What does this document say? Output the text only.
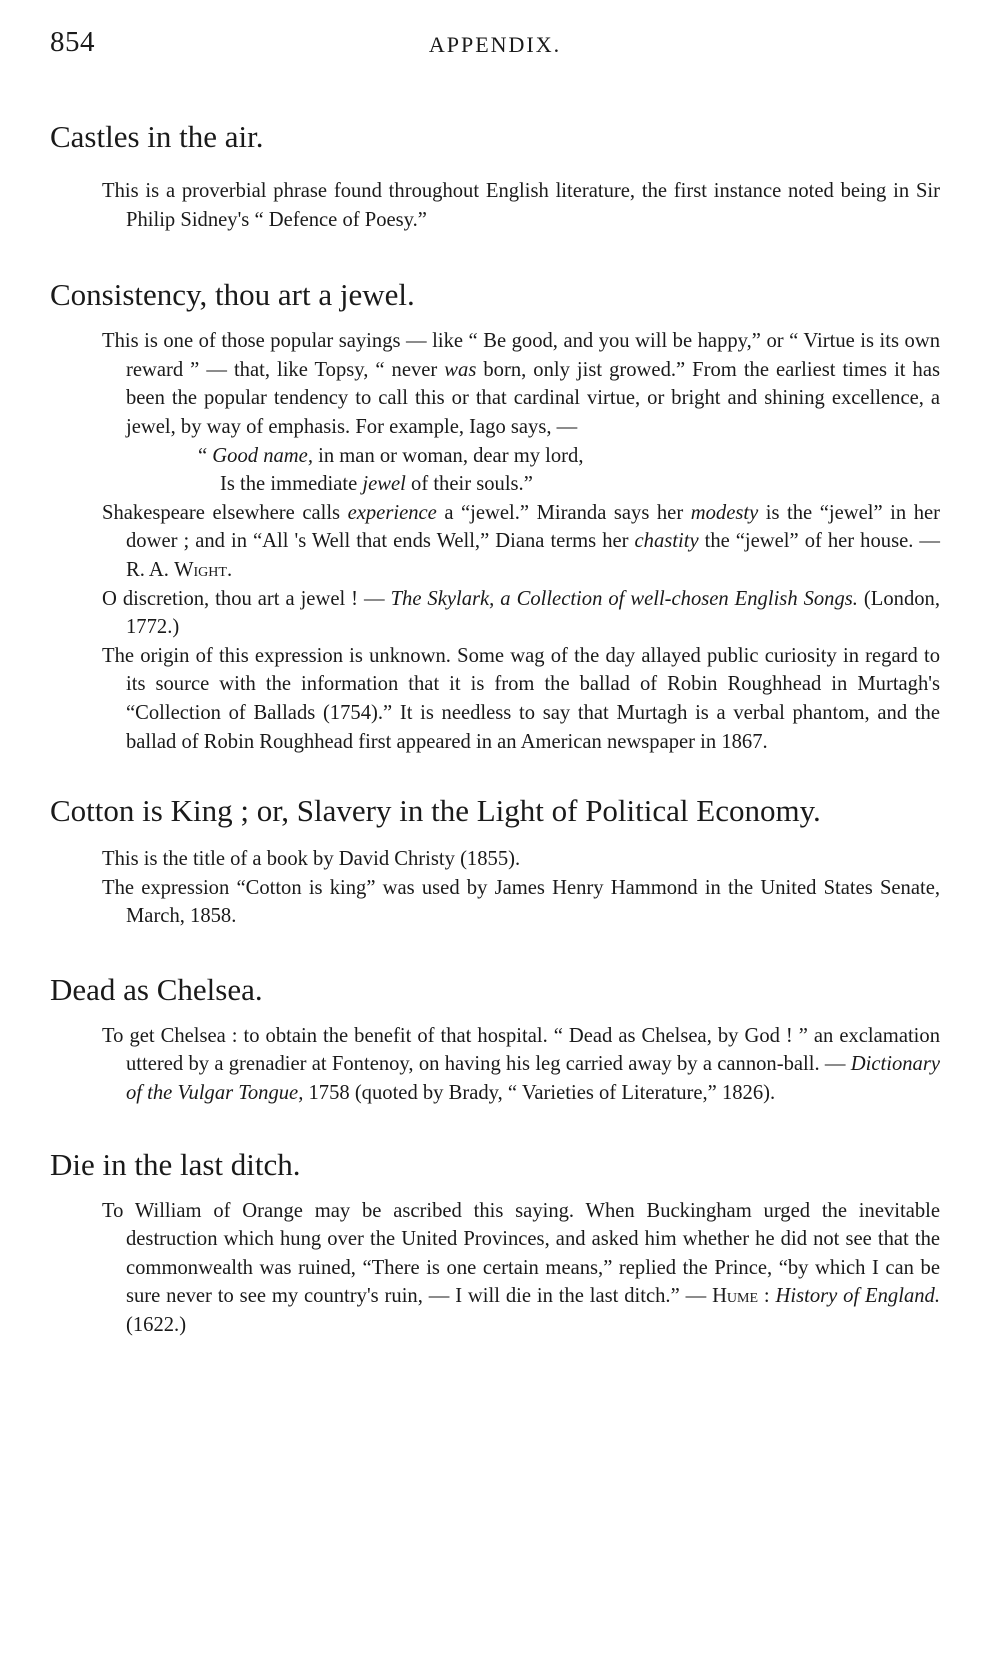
854	APPENDIX.
Castles in the air.

This is a proverbial phrase found throughout English literature, the first instance noted being in Sir Philip Sidney's “ Defence of Poesy.”

Consistency, thou art a jewel.

This is one of those popular sayings — like “ Be good, and you will be happy,” or “ Virtue is its own reward ” — that, like Topsy, “ never was born, only jist growed.” From the earliest times it has been the popular tendency to call this or that cardinal virtue, or bright and shining excellence, a jewel, by way of emphasis. For example, Iago says, —

“ Good name, in man or woman, dear my lord,

Is the immediate jewel of their souls.”

Shakespeare elsewhere calls experience a “jewel.” Miranda says her modesty is the “jewel” in her dower ; and in “All 's Well that ends Well,” Diana terms her chastity the “jewel” of her house. — R. A. Wight.

O discretion, thou art a jewel ! — The Skylark, a Collection of well-chosen English Songs. (London, 1772.)

The origin of this expression is unknown. Some wag of the day allayed public curiosity in regard to its source with the information that it is from the ballad of Robin Roughhead in Murtagh's “Collection of Ballads (1754).” It is needless to say that Murtagh is a verbal phantom, and the ballad of Robin Roughhead first appeared in an American newspaper in 1867.

Cotton is King ; or, Slavery in the Light of Political Economy.

This is the title of a book by David Christy (1855).

The expression “Cotton is king” was used by James Henry Hammond in the United States Senate, March, 1858.

Dead as Chelsea.

To get Chelsea : to obtain the benefit of that hospital. “ Dead as Chelsea, by God ! ” an exclamation uttered by a grenadier at Fontenoy, on having his leg carried away by a cannon-ball. — Dictionary of the Vulgar Tongue, 1758 (quoted by Brady, “ Varieties of Literature,” 1826).

Die in the last ditch.

To William of Orange may be ascribed this saying. When Buckingham urged the inevitable destruction which hung over the United Provinces, and asked him whether he did not see that the commonwealth was ruined, “There is one certain means,” replied the Prince, “by which I can be sure never to see my country's ruin, — I will die in the last ditch.” — Hume : History of England. (1622.)
